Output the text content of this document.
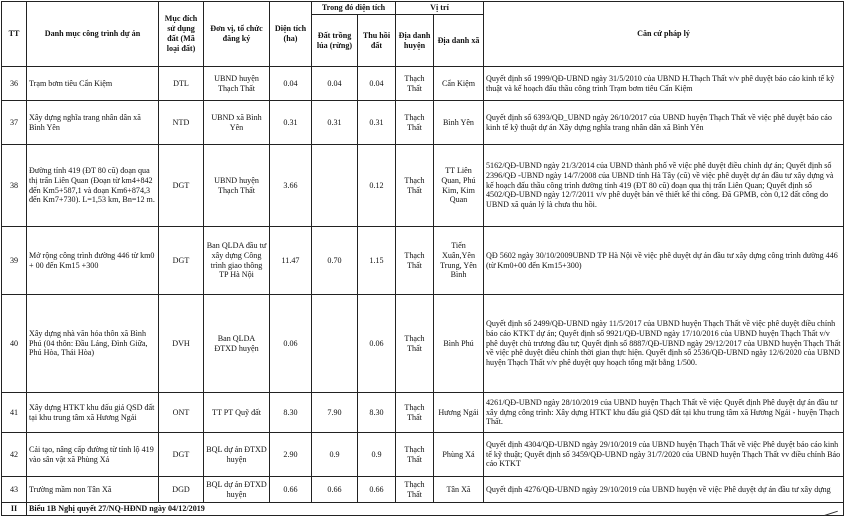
TT	Danh mục công trình dự án	Mục đích sử dụng đất (Mã loại đất)	Đơn vị, tổ chức đăng ký	Diện tích (ha)	Trong đó diện tích		Vị trí		Căn cứ pháp lý
					Đất trồng lúa (rừng)	Thu hồi đất	Địa danh huyện	Địa danh xã	
36	Trạm bơm tiêu Cẩn Kiệm	DTL	UBND huyện Thạch Thất	0.04	0.04	0.04	Thạch Thất	Cẩn Kiệm	Quyết định số 1999/QĐ-UBND ngày 31/5/2010 của UBND H.Thạch Thất v/v phê duyệt báo cáo kinh tế kỹ thuật và kế hoạch đấu thầu công trình Trạm bơm tiêu Cẩn Kiệm
37	Xây dựng nghĩa trang nhân dân xã Bình Yên	NTD	UBND xã Bình Yên	0.31	0.31	0.31	Thạch Thất	Bình Yên	Quyết định số 6393/QĐ_UBND ngày 26/10/2017 của UBND huyện Thạch Thất về việc phê duyệt báo cáo kinh tế kỹ thuật dự án Xây dựng nghĩa trang nhân dân xã Bình Yên
38	Đường tỉnh 419 (ĐT 80 cũ) đoạn qua thị trấn Liên Quan (Đoạn từ km4+842 đến Km5+587,1 và đoạn Km6+874,3 đến Km7+730). L=1,53 km, Bn=12 m.	DGT	UBND huyện Thạch Thất	3.66		0.12	Thạch Thất	TT Liên Quan, Phú Kim, Kim Quan	5162/QĐ-UBND ngày 21/3/2014 của UBND thành phố về việc phê duyệt điều chỉnh dự án; Quyết định số 2396/QĐ -UBND ngày 14/7/2008 của UBND tỉnh Hà Tây (cũ) về việc phê duyệt dự án đầu tư xây dựng và kế hoạch đấu thầu công trình đường tỉnh 419 (ĐT 80 cũ) đoạn qua thị trấn Liên Quan; Quyết định số 4502/QĐ-UBND ngày 12/7/2011 v/v phê duyệt bản vẽ thiết kế thi công. Đã GPMB, còn 0,12 đất công do UBND xã quản lý là chưa thu hồi.
39	Mở rộng công trình đường 446 từ km0 + 00 đến Km15 +300	DGT	Ban QLDA đầu tư xây dựng Công trình giao thông TP Hà Nội	11.47	0.70	1.15	Thạch Thất	Tiến Xuân,Yên Trung, Yên Bình	QĐ 5602 ngày 30/10/2009UBND TP Hà Nội về việc phê duyệt dự án đầu tư xây dựng công trình đường 446 (từ Km0+00 đến Km15+300)
40	Xây dựng nhà văn hóa thôn xã Bình Phú (04 thôn: Đầu Láng, Đình Giữa, Phú Hòa, Thái Hòa)	DVH	Ban QLDA ĐTXD huyện	0.06		0.06	Thạch Thất	Bình Phú	Quyết định số 2499/QĐ-UBND ngày 11/5/2017 của UBND huyện Thạch Thất về việc phê duyệt điều chỉnh báo cáo KTKT dự án; Quyết định số 9921/QĐ-UBND ngày 17/10/2016 của UBND huyện Thạch Thất v/v phê duyệt chủ trương đầu tư; Quyết định số 8887/QĐ-UBND ngày 29/12/2017 của UBND huyện Thạch Thất về việc phê duyệt điều chỉnh thời gian thực hiện. Quyết định số 2536/QĐ-UBND ngày 12/6/2020 của UBND huyện Thạch Thất v/v phê duyệt quy hoạch tổng mặt bằng 1/500.
41	Xây dựng HTKT khu đấu giá QSD đất tại khu trung tâm xã Hương Ngải	ONT	TT PT Quỹ đất	8.30	7.90	8.30	Thạch Thất	Hương Ngải	4261/QĐ-UBND ngày 28/10/2019 của UBND huyện Thạch Thất về việc Quyết định Phê duyệt dự án đầu tư xây dựng công trình: Xây dựng HTKT khu đấu giá QSD đất tại khu trung tâm xã Hương Ngải - huyện Thạch Thất.
42	Cải tạo, nâng cấp đường từ tỉnh lộ 419 vào sân vật xã Phùng Xá	DGT	BQL dự án ĐTXD huyện	2.90	0.9	0.9	Thạch Thất	Phùng Xá	Quyết định 4304/QĐ-UBND ngày 29/10/2019 của UBND huyện Thạch Thất về việc Phê duyệt báo cáo kinh tế kỹ thuật; Quyết định số 3459/QĐ-UBND ngày 31/7/2020 của UBND huyện Thạch Thất vv điều chỉnh Báo cáo KTKT
43	Trường mầm non Tân Xã	DGD	BQL dự án ĐTXD huyện	0.66	0.66	0.66	Thạch Thất	Tân Xã	Quyết định 4276/QĐ-UBND ngày 29/10/2019 của UBND huyện về việc Phê duyệt dự án đầu tư xây dựng
II	Biểu 1B Nghị quyết 27/NQ-HĐND ngày 04/12/2019								
